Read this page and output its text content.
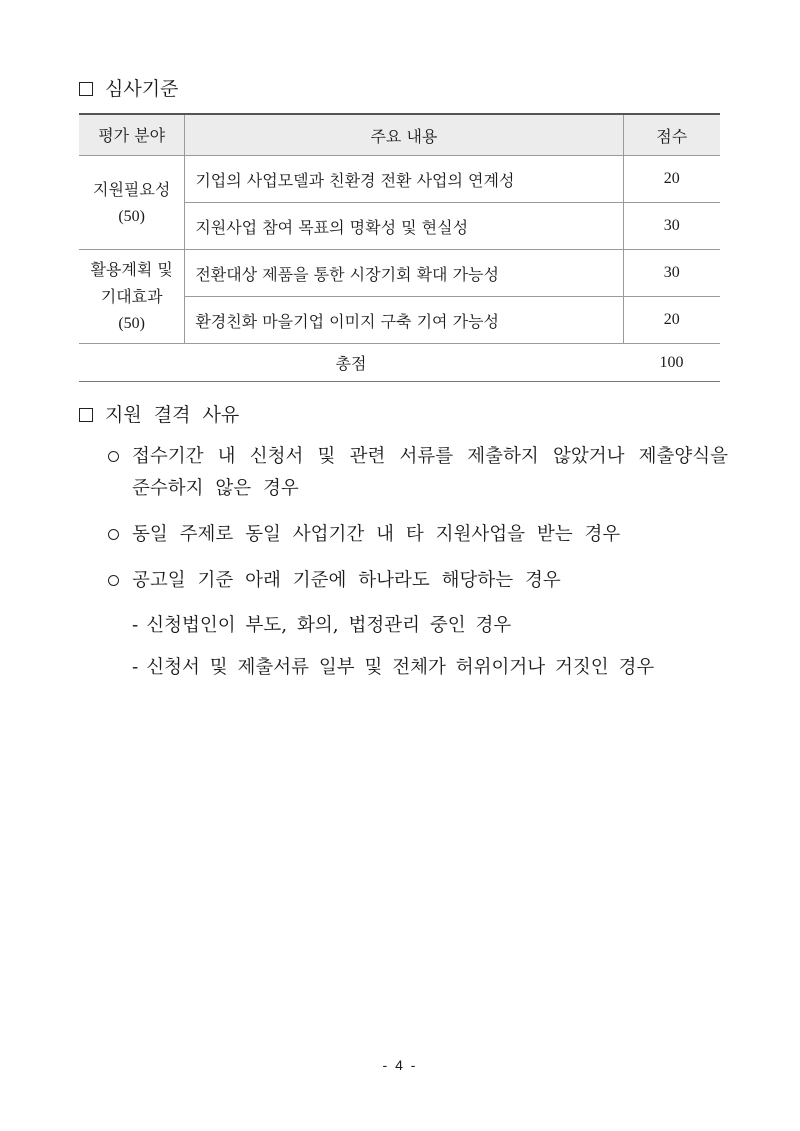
심사기준
평가 분야	주요 내용	점수

지원필요성
(50)	기업의 사업모델과 친환경 전환 사업의 연계성	20
	지원사업 참여 목표의 명확성 및 현실성	30

활용계획 및
기대효과
(50)	전환대상 제품을 통한 시장기회 확대 가능성	30
	환경친화 마을기업 이미지 구축 기여 가능성	20
총점		100
지원 결격 사유
접수기간 내 신청서 및 관련 서류를 제출하지 않았거나 제출양식을 준수하지 않은 경우
동일 주제로 동일 사업기간 내 타 지원사업을 받는 경우
공고일 기준 아래 기준에 하나라도 해당하는 경우
- 신청법인이 부도, 화의, 법정관리 중인 경우
- 신청서 및 제출서류 일부 및 전체가 허위이거나 거짓인 경우
- 4 -
